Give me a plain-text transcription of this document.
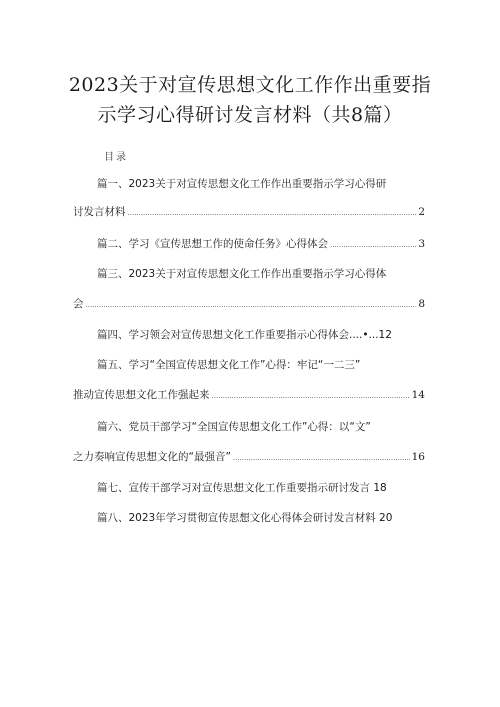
2023关于对宣传思想文化工作作出重要指
示学习心得研讨发言材料（共8篇）
目录
篇一、2023关于对宣传思想文化工作作出重要指示学习心得研
讨发言材料 .....	2
篇二、学习《宣传思想工作的使命任务》心得体会 .....	3
篇三、2023关于对宣传思想文化工作作出重要指示学习心得体
会 .....	8
篇四、学习领会对宣传思想文化工作重要指示心得体会....•...12
篇五、学习“全国宣传思想文化工作”心得：牢记“一二三”
推动宣传思想文化工作强起来 .....	14
篇六、党员干部学习“全国宣传思想文化工作”心得：以“文”
之力奏响宣传思想文化的“最强音” .....	16
篇七、宣传干部学习对宣传思想文化工作重要指示研讨发言 18
篇八、2023年学习贯彻宣传思想文化心得体会研讨发言材料 20
